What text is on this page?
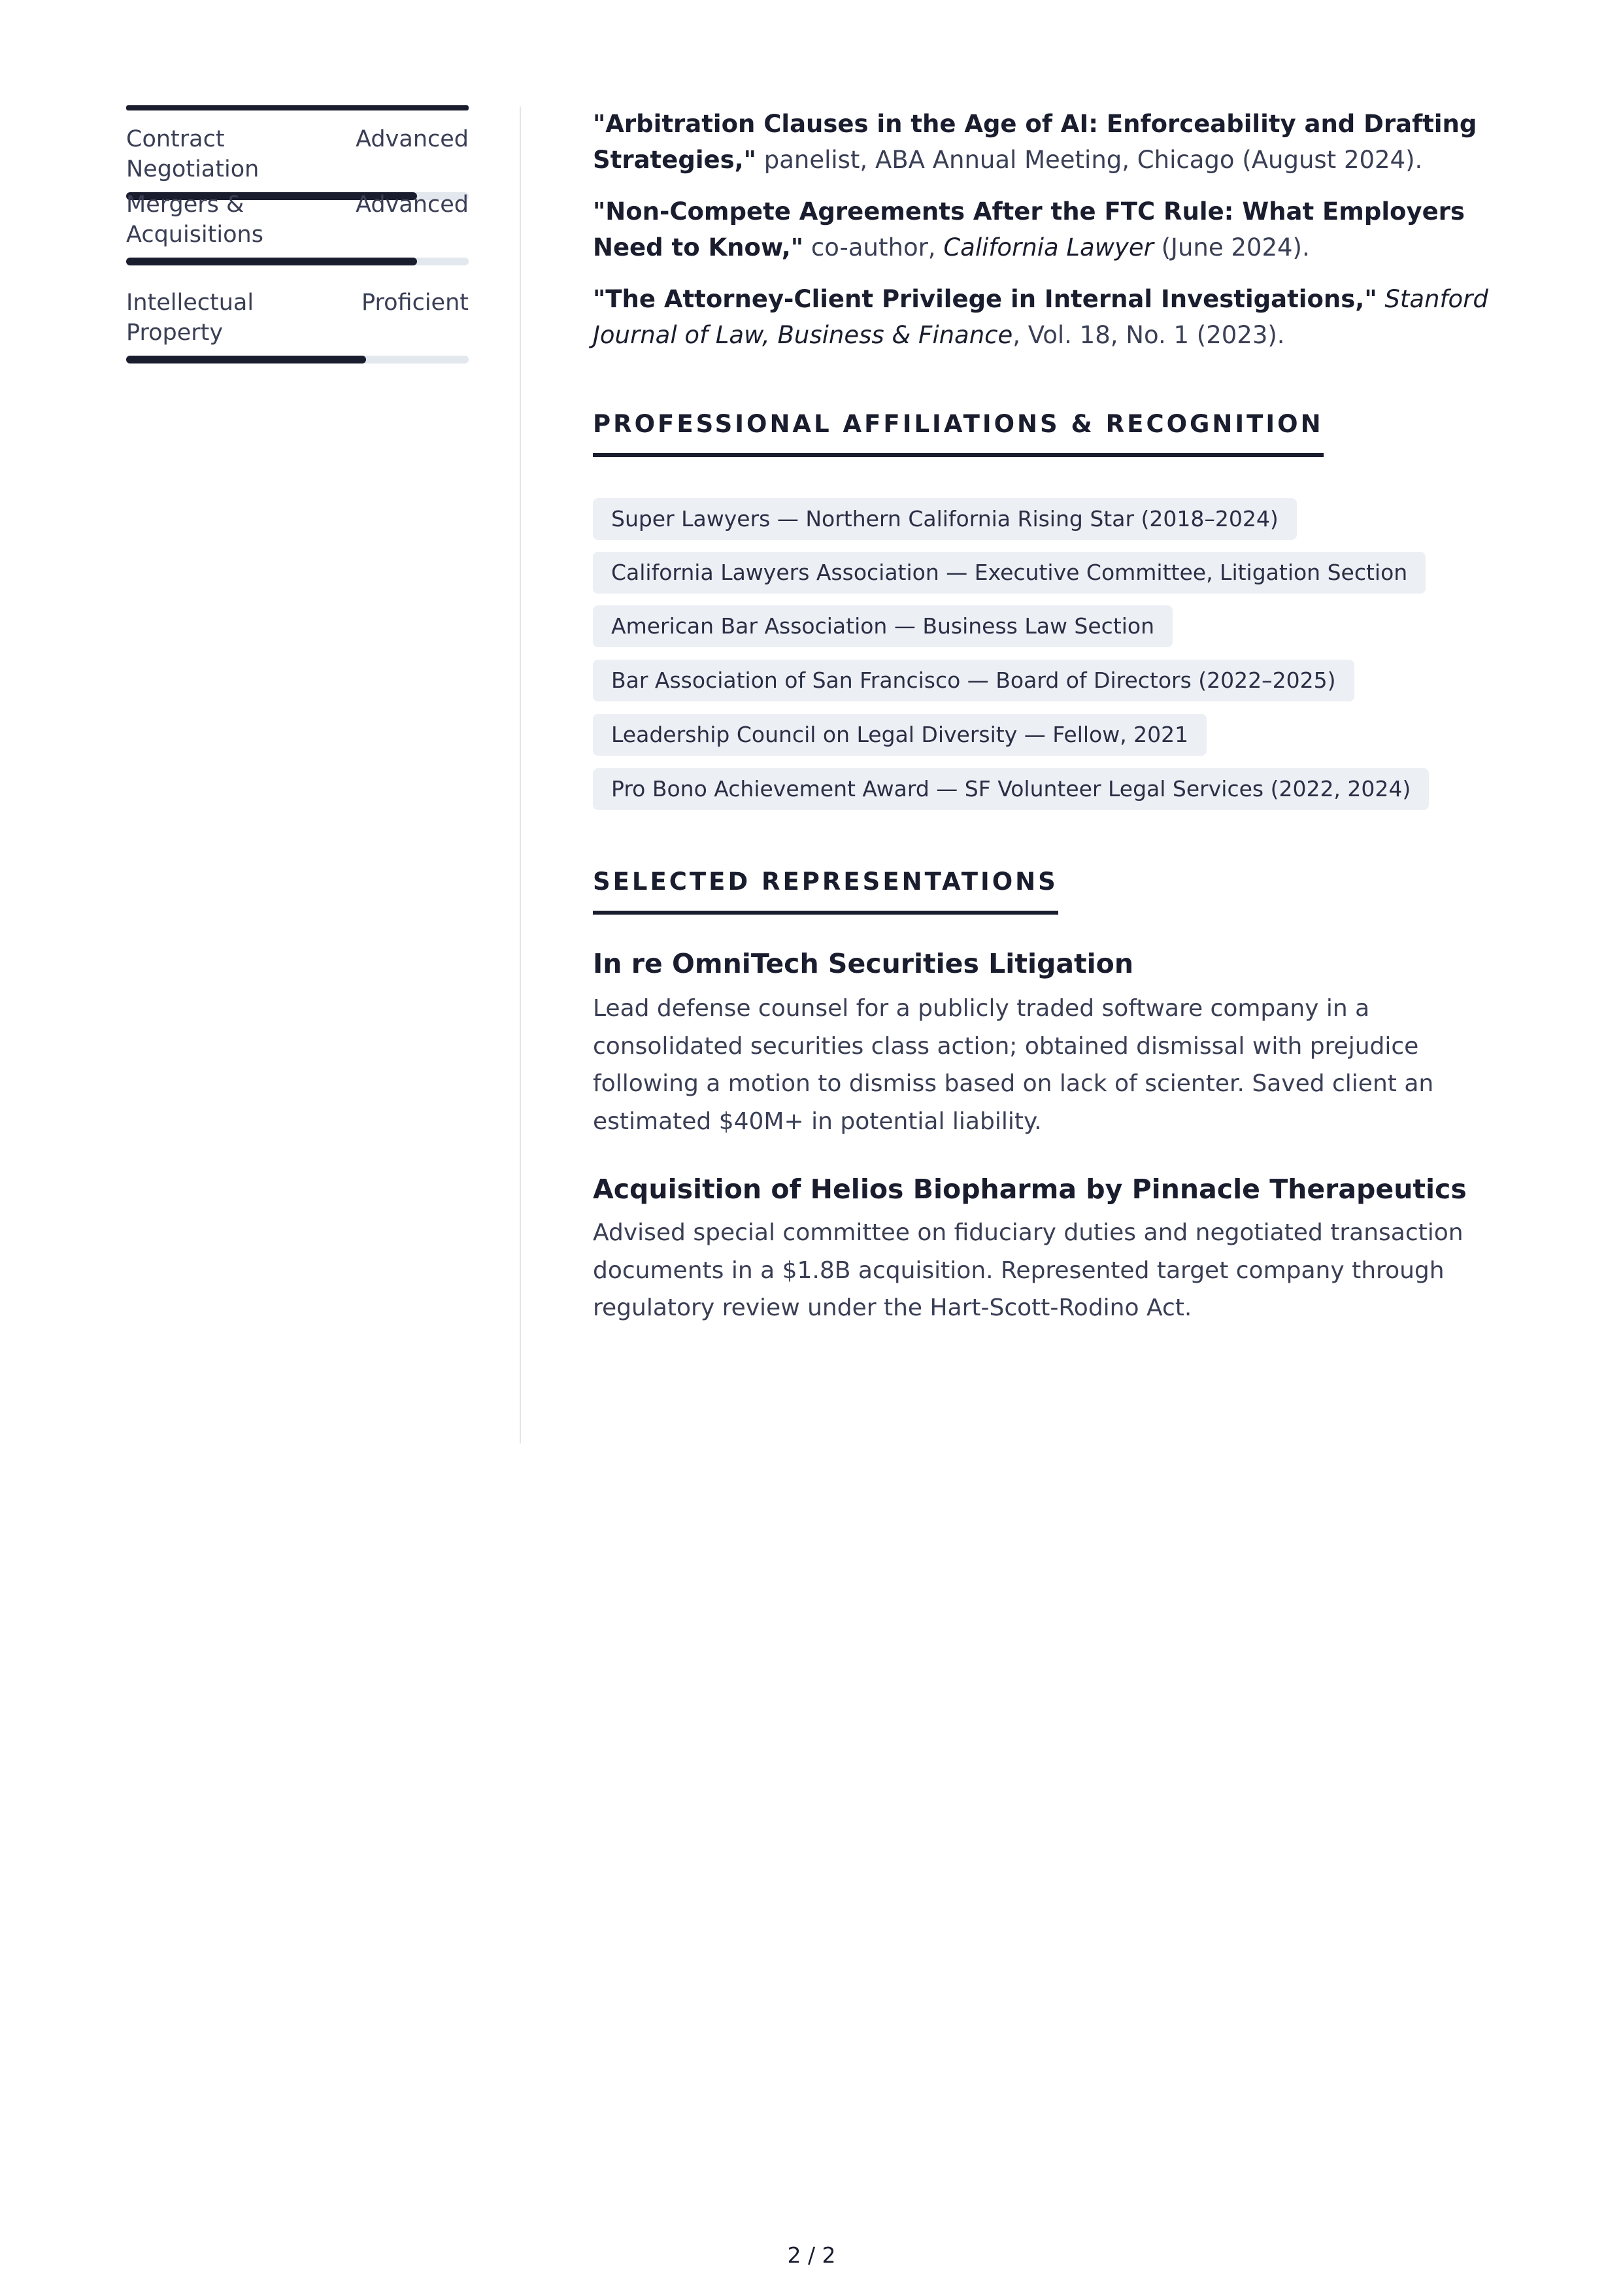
Contract Negotiation
Advanced
Mergers & Acquisitions
Advanced
Intellectual Property
Proficient
"Arbitration Clauses in the Age of AI: Enforceability and Drafting Strategies," panelist, ABA Annual Meeting, Chicago (August 2024).
"Non-Compete Agreements After the FTC Rule: What Employers Need to Know," co-author, California Lawyer (June 2024).
"The Attorney-Client Privilege in Internal Investigations," Stanford Journal of Law, Business & Finance, Vol. 18, No. 1 (2023).
PROFESSIONAL AFFILIATIONS & RECOGNITION
Super Lawyers — Northern California Rising Star (2018–2024)
California Lawyers Association — Executive Committee, Litigation Section
American Bar Association — Business Law Section
Bar Association of San Francisco — Board of Directors (2022–2025)
Leadership Council on Legal Diversity — Fellow, 2021
Pro Bono Achievement Award — SF Volunteer Legal Services (2022, 2024)
SELECTED REPRESENTATIONS
In re OmniTech Securities Litigation
Lead defense counsel for a publicly traded software company in a consolidated securities class action; obtained dismissal with prejudice following a motion to dismiss based on lack of scienter. Saved client an estimated $40M+ in potential liability.
Acquisition of Helios Biopharma by Pinnacle Therapeutics
Advised special committee on fiduciary duties and negotiated transaction documents in a $1.8B acquisition. Represented target company through regulatory review under the Hart-Scott-Rodino Act.
2 / 2
